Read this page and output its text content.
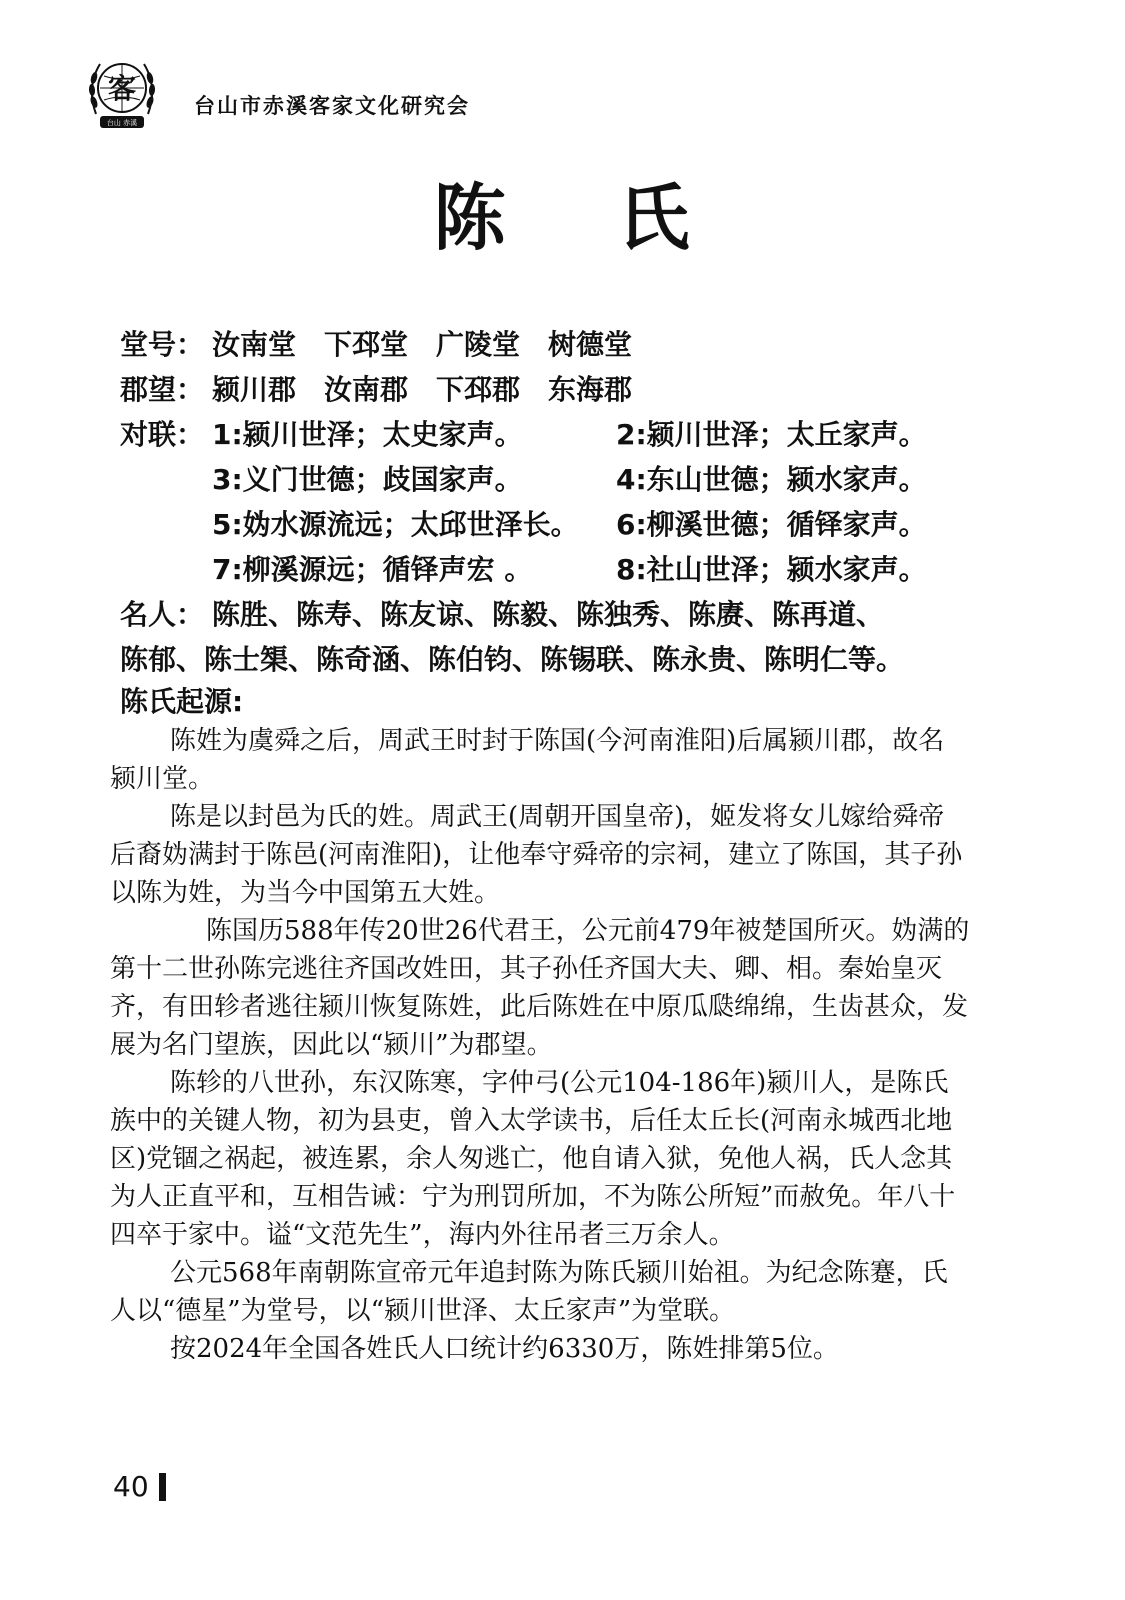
客
台山 赤溪
台山市赤溪客家文化研究会
陈 氏
堂号： 汝南堂 下邳堂 广陵堂 树德堂
郡望： 颍川郡 汝南郡 下邳郡 东海郡
对联： 1:颍川世泽；太史家声。	2:颍川世泽；太丘家声。
3:义门世德；歧国家声。	4:东山世德；颍水家声。
5:妫水源流远；太邱世泽长。 6:柳溪世德；循铎家声。
7:柳溪源远；循铎声宏 。	8:社山世泽；颍水家声。
名人： 陈胜、陈寿、陈友谅、陈毅、陈独秀、陈赓、陈再道、
陈郁、陈士榘、陈奇涵、陈伯钧、陈锡联、陈永贵、陈明仁等。
陈氏起源:

陈姓为虞舜之后，周武王时封于陈国(今河南淮阳)后属颍川郡，故名颍川堂。

陈是以封邑为氏的姓。周武王(周朝开国皇帝)，姬发将女儿嫁给舜帝后裔妫满封于陈邑(河南淮阳)，让他奉守舜帝的宗祠，建立了陈国，其子孙以陈为姓，为当今中国第五大姓。

陈国历588年传20世26代君王，公元前479年被楚国所灭。妫满的第十二世孙陈完逃往齐国改姓田，其子孙任齐国大夫、卿、相。秦始皇灭齐，有田轸者逃往颍川恢复陈姓，此后陈姓在中原瓜瓞绵绵，生齿甚众，发展为名门望族，因此以“颍川”为郡望。

陈轸的八世孙，东汉陈寒，字仲弓(公元104-186年)颍川人，是陈氏族中的关键人物，初为县吏，曾入太学读书，后任太丘长(河南永城西北地区)党锢之祸起，被连累，余人匆逃亡，他自请入狱，免他人祸，氏人念其为人正直平和，互相告诫：宁为刑罚所加，不为陈公所短”而赦免。年八十四卒于家中。谥“文范先生”，海内外往吊者三万余人。

公元568年南朝陈宣帝元年追封陈为陈氏颍川始祖。为纪念陈蹇，氏人以“德星”为堂号，以“颍川世泽、太丘家声”为堂联。

按2024年全国各姓氏人口统计约6330万，陈姓排第5位。

40
